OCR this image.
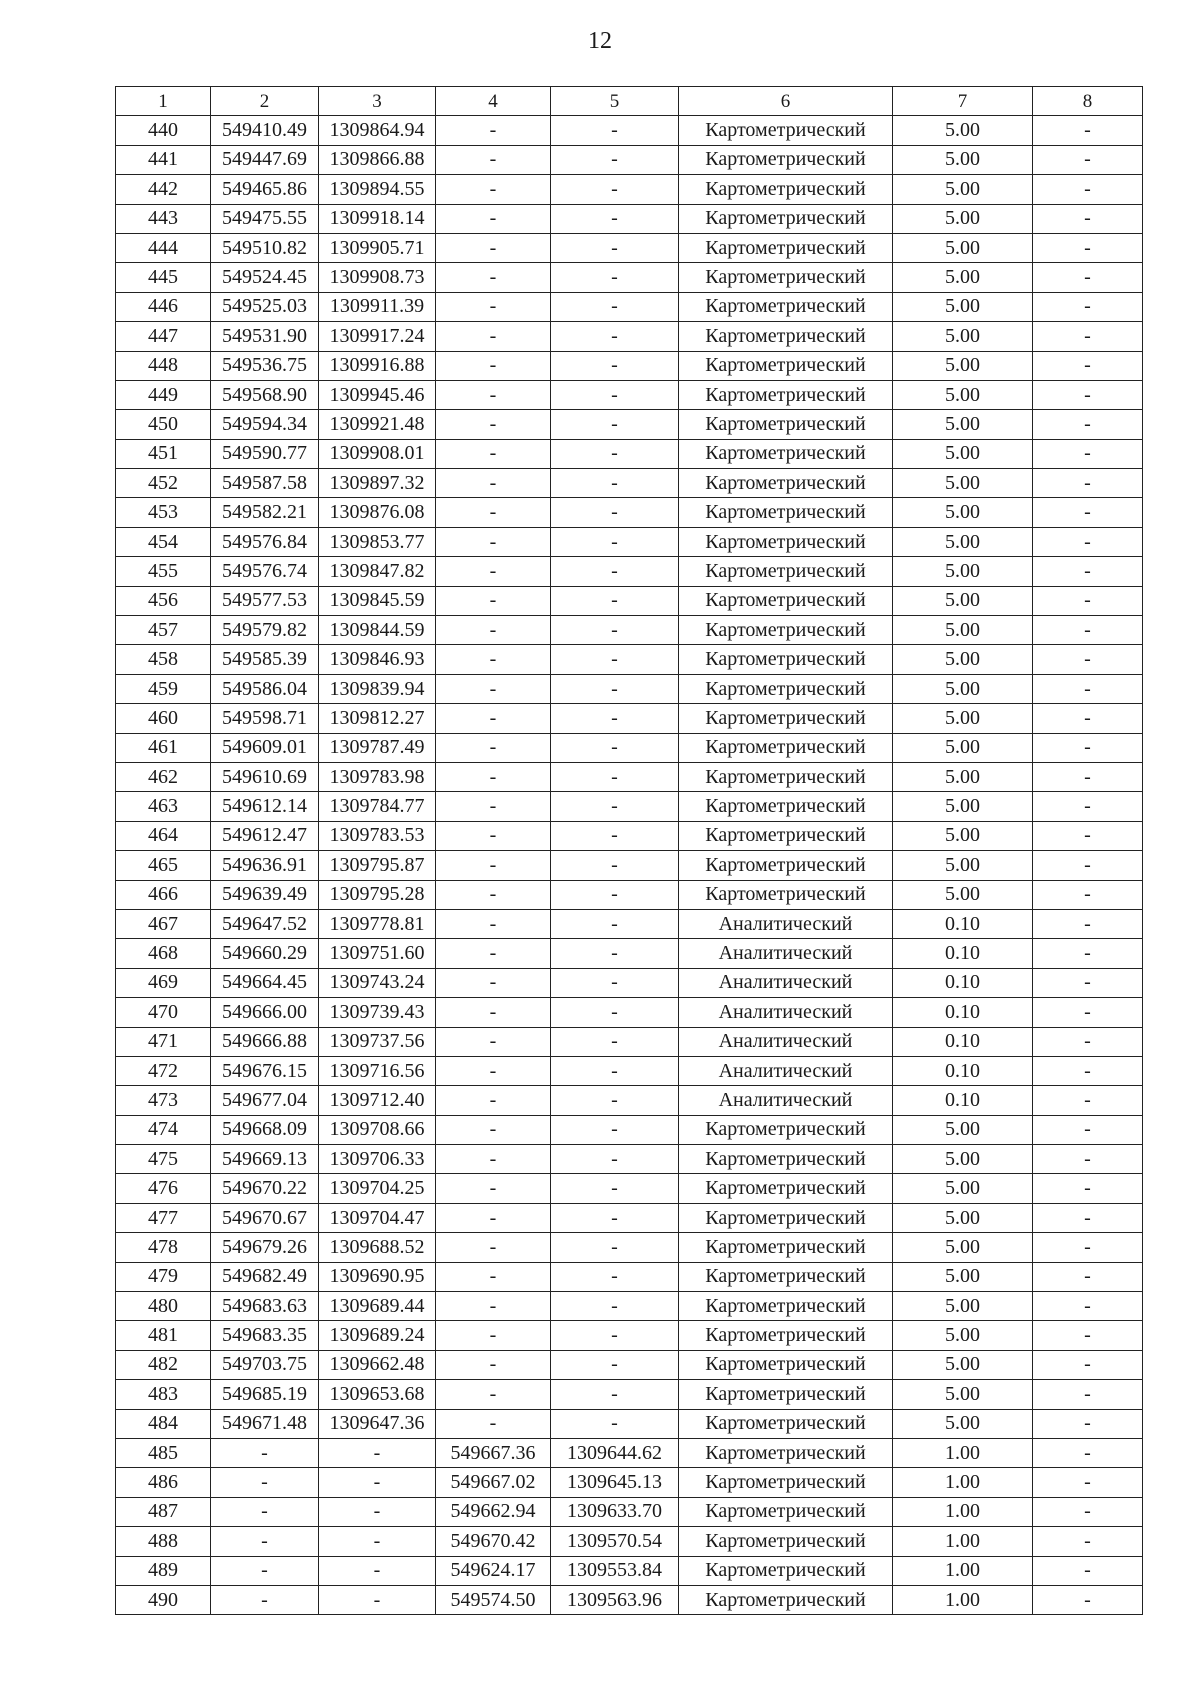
12
1	2	3	4	5	6	7	8
440	549410.49	1309864.94	-	-	Картометрический	5.00	-
441	549447.69	1309866.88	-	-	Картометрический	5.00	-
442	549465.86	1309894.55	-	-	Картометрический	5.00	-
443	549475.55	1309918.14	-	-	Картометрический	5.00	-
444	549510.82	1309905.71	-	-	Картометрический	5.00	-
445	549524.45	1309908.73	-	-	Картометрический	5.00	-
446	549525.03	1309911.39	-	-	Картометрический	5.00	-
447	549531.90	1309917.24	-	-	Картометрический	5.00	-
448	549536.75	1309916.88	-	-	Картометрический	5.00	-
449	549568.90	1309945.46	-	-	Картометрический	5.00	-
450	549594.34	1309921.48	-	-	Картометрический	5.00	-
451	549590.77	1309908.01	-	-	Картометрический	5.00	-
452	549587.58	1309897.32	-	-	Картометрический	5.00	-
453	549582.21	1309876.08	-	-	Картометрический	5.00	-
454	549576.84	1309853.77	-	-	Картометрический	5.00	-
455	549576.74	1309847.82	-	-	Картометрический	5.00	-
456	549577.53	1309845.59	-	-	Картометрический	5.00	-
457	549579.82	1309844.59	-	-	Картометрический	5.00	-
458	549585.39	1309846.93	-	-	Картометрический	5.00	-
459	549586.04	1309839.94	-	-	Картометрический	5.00	-
460	549598.71	1309812.27	-	-	Картометрический	5.00	-
461	549609.01	1309787.49	-	-	Картометрический	5.00	-
462	549610.69	1309783.98	-	-	Картометрический	5.00	-
463	549612.14	1309784.77	-	-	Картометрический	5.00	-
464	549612.47	1309783.53	-	-	Картометрический	5.00	-
465	549636.91	1309795.87	-	-	Картометрический	5.00	-
466	549639.49	1309795.28	-	-	Картометрический	5.00	-
467	549647.52	1309778.81	-	-	Аналитический	0.10	-
468	549660.29	1309751.60	-	-	Аналитический	0.10	-
469	549664.45	1309743.24	-	-	Аналитический	0.10	-
470	549666.00	1309739.43	-	-	Аналитический	0.10	-
471	549666.88	1309737.56	-	-	Аналитический	0.10	-
472	549676.15	1309716.56	-	-	Аналитический	0.10	-
473	549677.04	1309712.40	-	-	Аналитический	0.10	-
474	549668.09	1309708.66	-	-	Картометрический	5.00	-
475	549669.13	1309706.33	-	-	Картометрический	5.00	-
476	549670.22	1309704.25	-	-	Картометрический	5.00	-
477	549670.67	1309704.47	-	-	Картометрический	5.00	-
478	549679.26	1309688.52	-	-	Картометрический	5.00	-
479	549682.49	1309690.95	-	-	Картометрический	5.00	-
480	549683.63	1309689.44	-	-	Картометрический	5.00	-
481	549683.35	1309689.24	-	-	Картометрический	5.00	-
482	549703.75	1309662.48	-	-	Картометрический	5.00	-
483	549685.19	1309653.68	-	-	Картометрический	5.00	-
484	549671.48	1309647.36	-	-	Картометрический	5.00	-
485	-	-	549667.36	1309644.62	Картометрический	1.00	-
486	-	-	549667.02	1309645.13	Картометрический	1.00	-
487	-	-	549662.94	1309633.70	Картометрический	1.00	-
488	-	-	549670.42	1309570.54	Картометрический	1.00	-
489	-	-	549624.17	1309553.84	Картометрический	1.00	-
490	-	-	549574.50	1309563.96	Картометрический	1.00	-
